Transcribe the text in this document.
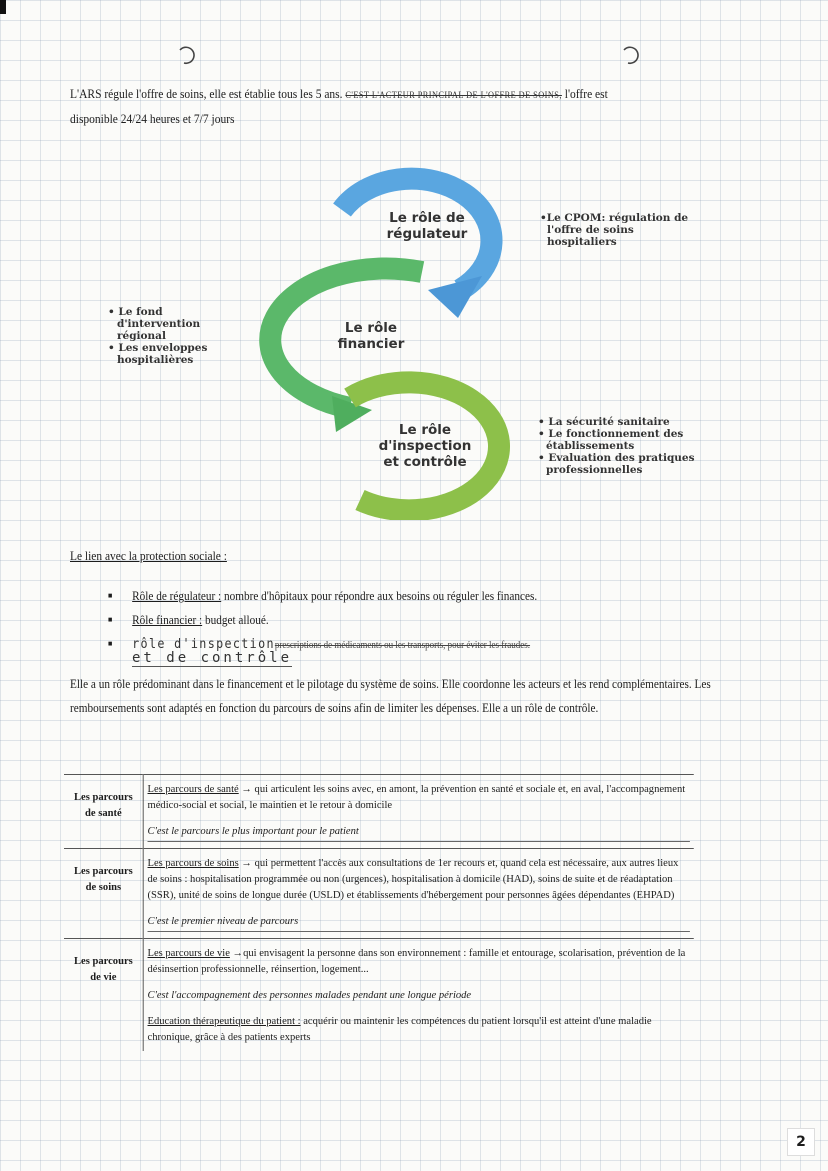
L'ARS régule l'offre de soins, elle est établie tous les 5 ans. C'EST L'ACTEUR PRINCIPAL DE L'OFFRE DE SOINS, l'offre est
disponible 24/24 heures et 7/7 jours
Le rôle de
régulateur
Le rôle
financier
Le rôle
d'inspection
et contrôle
•Le CPOM: régulation de
l'offre de soins
hospitaliers
• Le fond
d'intervention
régional
• Les enveloppes
hospitalières
• La sécurité sanitaire
• Le fonctionnement des
établissements
• Evaluation des pratiques
professionnelles
Le lien avec la protection sociale :
■ Rôle de régulateur : nombre d'hôpitaux pour répondre aux besoins ou réguler les finances.
■ Rôle financier : budget alloué.
■ rôle d'inspectionprescriptions de médicaments ou les transports, pour éviter les fraudes.
et de contrôle
Elle a un rôle prédominant dans le financement et le pilotage du système de soins. Elle coordonne les acteurs et les rend complémentaires. Les remboursements sont adaptés en fonction du parcours de soins afin de limiter les dépenses. Elle a un rôle de contrôle.
Les parcours de santé	Les parcours de santé → qui articulent les soins avec, en amont, la prévention en santé et sociale et, en aval, l'accompagnement médico-social et social, le maintien et le retour à domicile
C'est le parcours le plus important pour le patient

Les parcours de soins	Les parcours de soins → qui permettent l'accès aux consultations de 1er recours et, quand cela est nécessaire, aux autres lieux de soins : hospitalisation programmée ou non (urgences), hospitalisation à domicile (HAD), soins de suite et de réadaptation (SSR), unité de soins de longue durée (USLD) et établissements d'hébergement pour personnes âgées dépendantes (EHPAD)
C'est le premier niveau de parcours

Les parcours de vie	Les parcours de vie →qui envisagent la personne dans son environnement : famille et entourage, scolarisation, prévention de la désinsertion professionnelle, réinsertion, logement...
C'est l'accompagnement des personnes malades pendant une longue période
Education thérapeutique du patient : acquérir ou maintenir les compétences du patient lorsqu'il est atteint d'une maladie chronique, grâce à des patients experts
2
